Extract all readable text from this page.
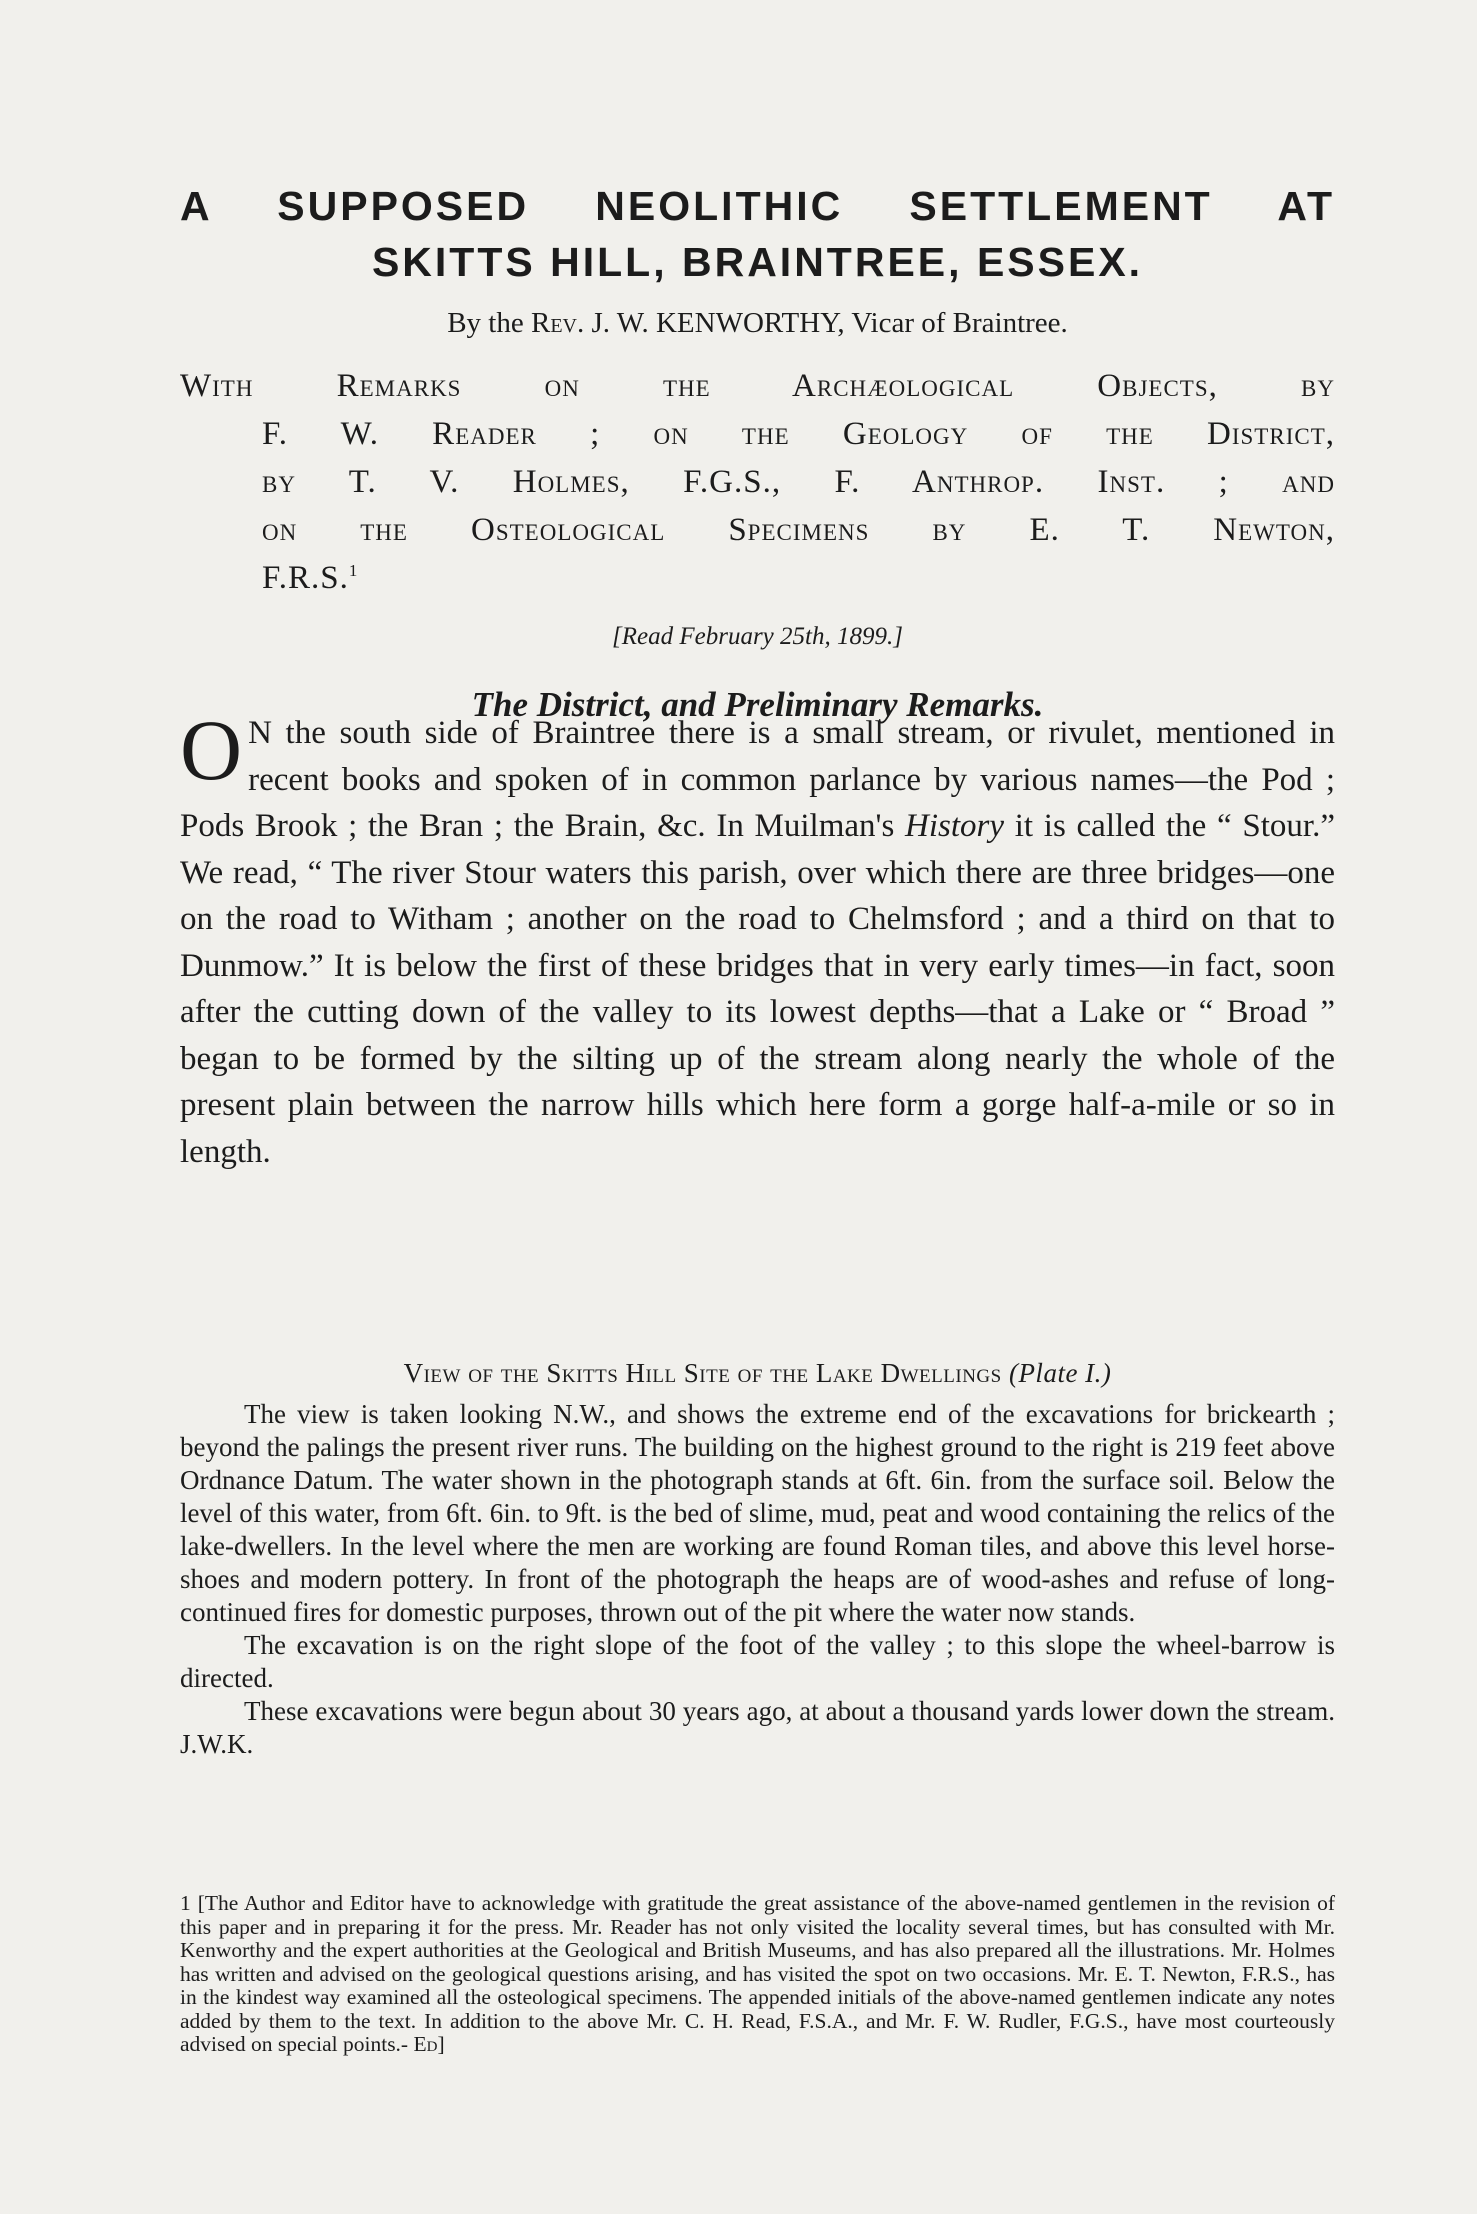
A SUPPOSED NEOLITHIC SETTLEMENT AT
SKITTS HILL, BRAINTREE, ESSEX.
By the Rev. J. W. KENWORTHY, Vicar of Braintree.
With Remarks on the Archæological Objects, by
F. W. Reader ; on the Geology of the District,
by T. V. Holmes, F.G.S., F. Anthrop. Inst. ; and
on the Osteological Specimens by E. T. Newton,
F.R.S.$^1$
[Read February 25th, 1899.]
The District, and Preliminary Remarks.

O N the south side of Braintree there is a small stream, or rivulet, mentioned in recent books and spoken of in common parlance by various names—the Pod ; Pods Brook ; the Bran ; the Brain, &c. In Muilman's History it is called the “ Stour.” We read, “ The river Stour waters this parish, over which there are three bridges—one on the road to Witham ; another on the road to Chelmsford ; and a third on that to Dunmow.” It is below the first of these bridges that in very early times—in fact, soon after the cutting down of the valley to its lowest depths—that a Lake or “ Broad ” began to be formed by the silting up of the stream along nearly the whole of the present plain between the narrow hills which here form a gorge half-a-mile or so in length.

View of the Skitts Hill Site of the Lake Dwellings (Plate I.)

The view is taken looking N.W., and shows the extreme end of the excavations for brickearth ; beyond the palings the present river runs. The building on the highest ground to the right is 219 feet above Ordnance Datum. The water shown in the photograph stands at 6ft. 6in. from the surface soil. Below the level of this water, from 6ft. 6in. to 9ft. is the bed of slime, mud, peat and wood containing the relics of the lake-dwellers. In the level where the men are working are found Roman tiles, and above this level horse-shoes and modern pottery. In front of the photograph the heaps are of wood-ashes and refuse of long-continued fires for domestic purposes, thrown out of the pit where the water now stands.

The excavation is on the right slope of the foot of the valley ; to this slope the wheel-barrow is directed.

These excavations were begun about 30 years ago, at about a thousand yards lower down the stream. J.W.K.

1 [The Author and Editor have to acknowledge with gratitude the great assistance of the above-named gentlemen in the revision of this paper and in preparing it for the press. Mr. Reader has not only visited the locality several times, but has consulted with Mr. Kenworthy and the expert authorities at the Geological and British Museums, and has also prepared all the illustrations. Mr. Holmes has written and advised on the geological questions arising, and has visited the spot on two occasions. Mr. E. T. Newton, F.R.S., has in the kindest way examined all the osteological specimens. The appended initials of the above-named gentlemen indicate any notes added by them to the text. In addition to the above Mr. C. H. Read, F.S.A., and Mr. F. W. Rudler, F.G.S., have most courteously advised on special points.- Ed]
